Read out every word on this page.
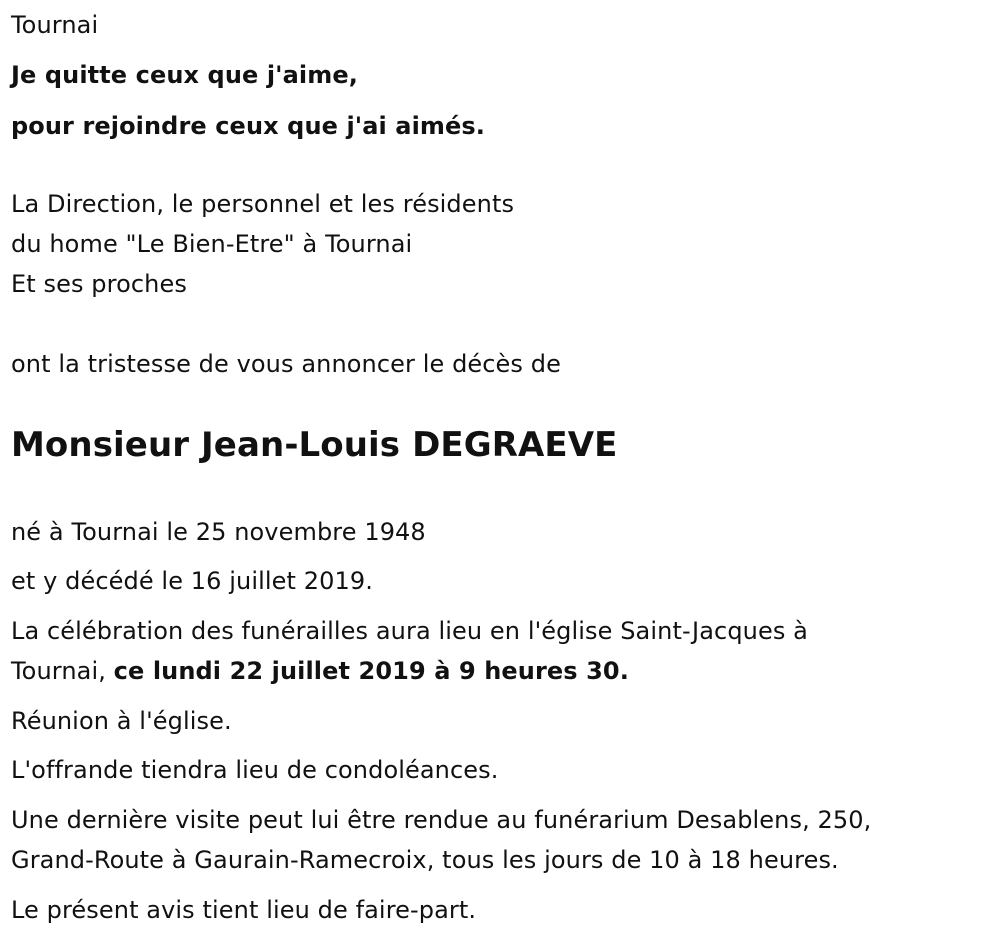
Tournai

Je quitte ceux que j'aime,

pour rejoindre ceux que j'ai aimés.

La Direction, le personnel et les résidents

du home "Le Bien-Etre" à Tournai

Et ses proches

ont la tristesse de vous annoncer le décès de

Monsieur Jean-Louis DEGRAEVE

né à Tournai le 25 novembre 1948

et y décédé le 16 juillet 2019.

La célébration des funérailles aura lieu en l'église Saint-Jacques à

Tournai, ce lundi 22 juillet 2019 à 9 heures 30.

Réunion à l'église.

L'offrande tiendra lieu de condoléances.

Une dernière visite peut lui être rendue au funérarium Desablens, 250,

Grand-Route à Gaurain-Ramecroix, tous les jours de 10 à 18 heures.

Le présent avis tient lieu de faire-part.
